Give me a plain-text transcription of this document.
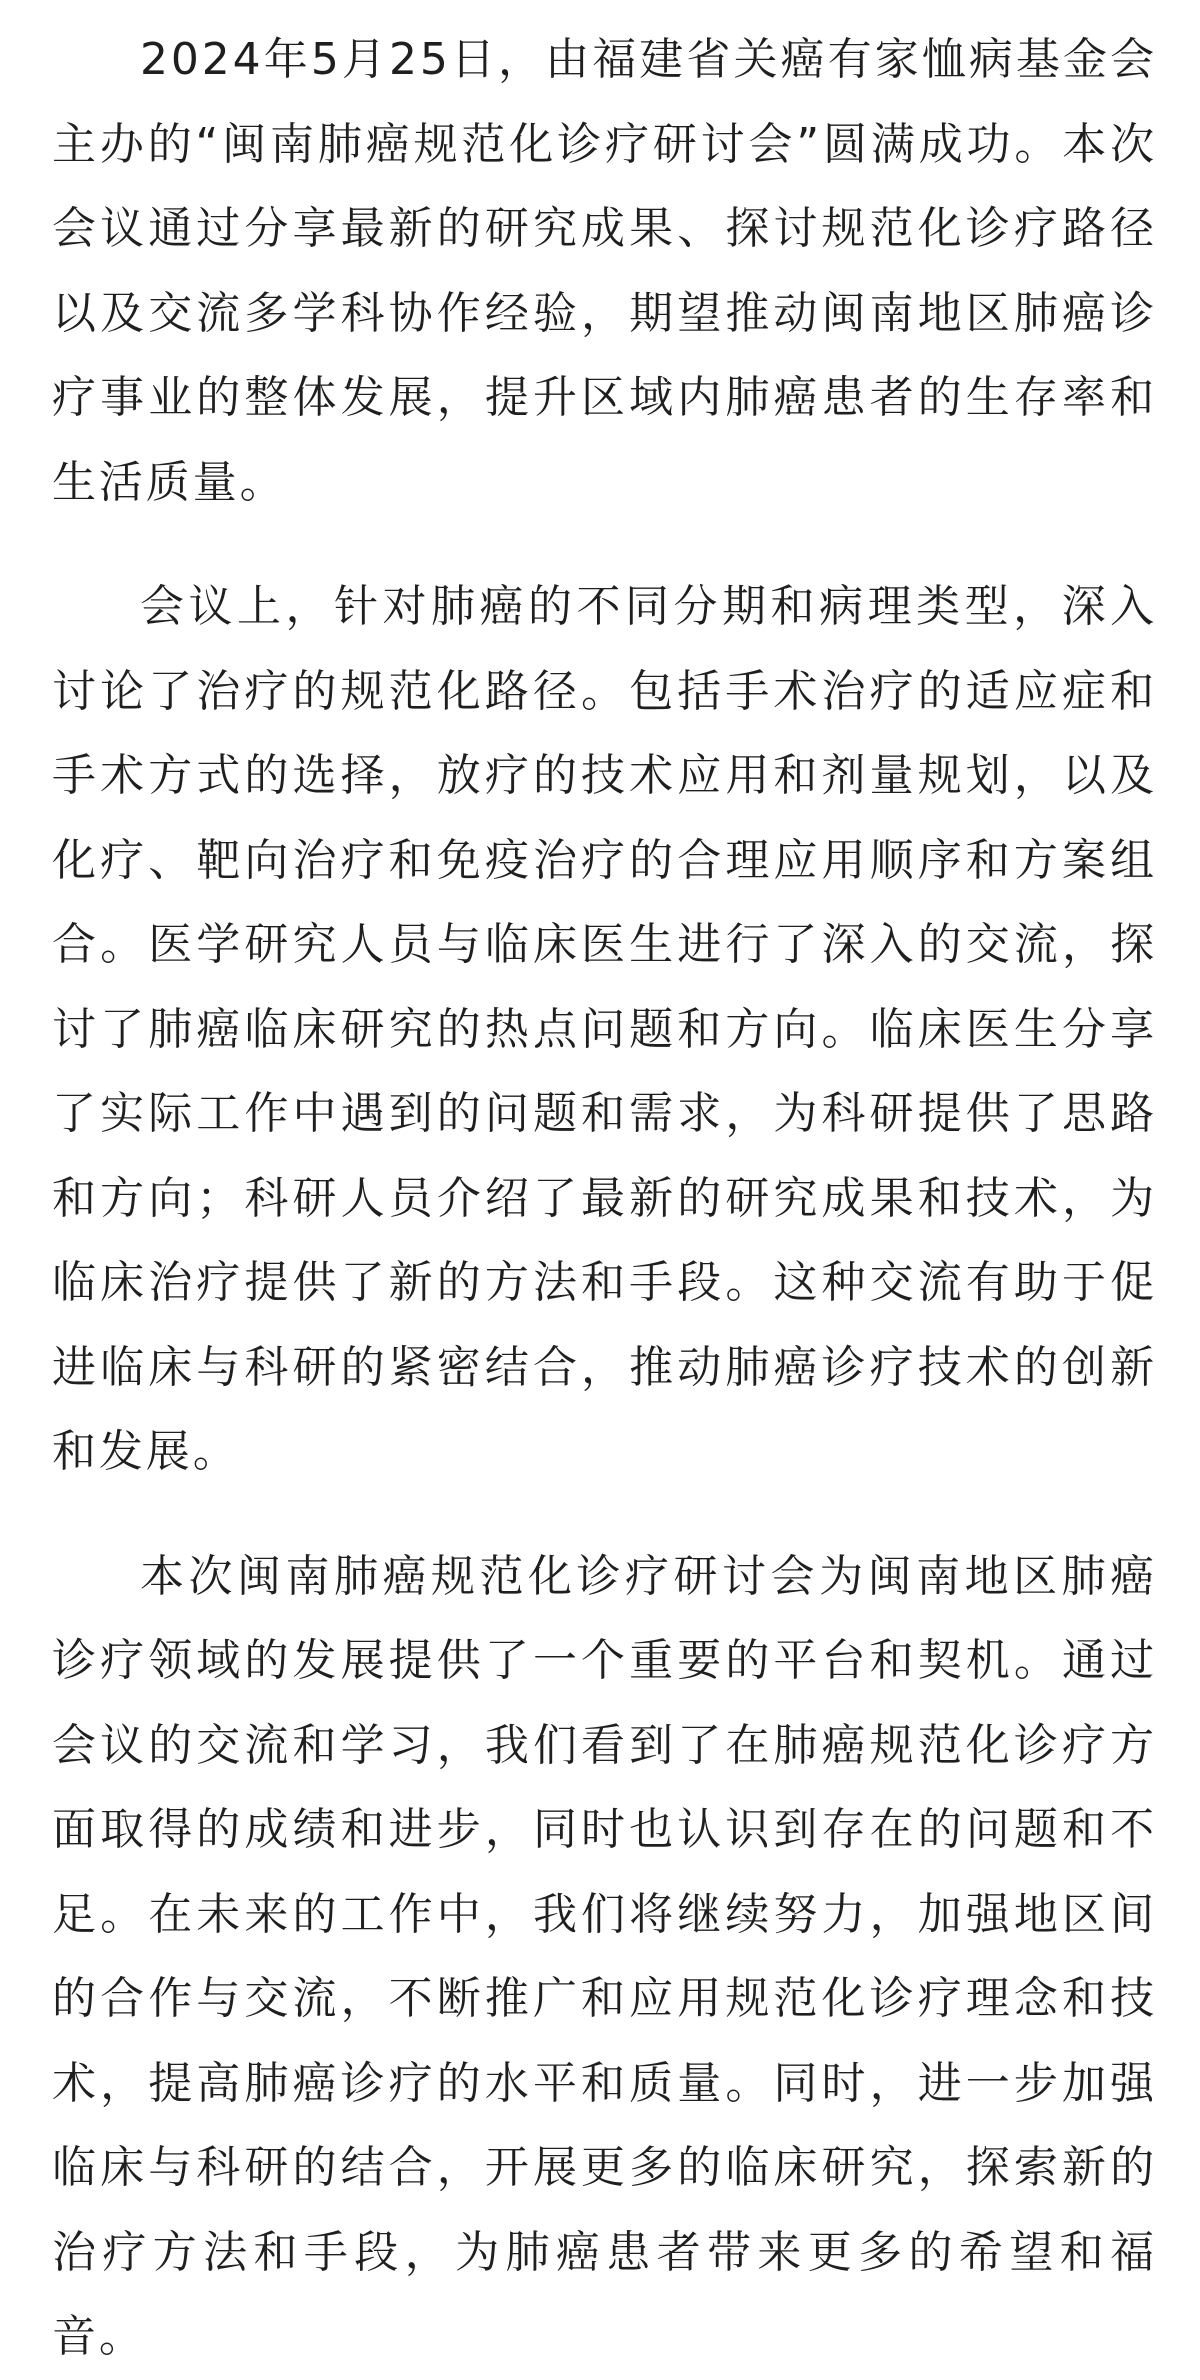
2024年5月25日，由福建省关癌有家恤病基金会主办的“闽南肺癌规范化诊疗研讨会”圆满成功。本次会议通过分享最新的研究成果、探讨规范化诊疗路径以及交流多学科协作经验，期望推动闽南地区肺癌诊疗事业的整体发展，提升区域内肺癌患者的生存率和生活质量。

会议上，针对肺癌的不同分期和病理类型，深入讨论了治疗的规范化路径。包括手术治疗的适应症和手术方式的选择，放疗的技术应用和剂量规划，以及化疗、靶向治疗和免疫治疗的合理应用顺序和方案组合。医学研究人员与临床医生进行了深入的交流，探讨了肺癌临床研究的热点问题和方向。临床医生分享了实际工作中遇到的问题和需求，为科研提供了思路和方向；科研人员介绍了最新的研究成果和技术，为临床治疗提供了新的方法和手段。这种交流有助于促进临床与科研的紧密结合，推动肺癌诊疗技术的创新和发展。

本次闽南肺癌规范化诊疗研讨会为闽南地区肺癌诊疗领域的发展提供了一个重要的平台和契机。通过会议的交流和学习，我们看到了在肺癌规范化诊疗方面取得的成绩和进步，同时也认识到存在的问题和不足。在未来的工作中，我们将继续努力，加强地区间的合作与交流，不断推广和应用规范化诊疗理念和技术，提高肺癌诊疗的水平和质量。同时，进一步加强临床与科研的结合，开展更多的临床研究，探索新的治疗方法和手段，为肺癌患者带来更多的希望和福音。
